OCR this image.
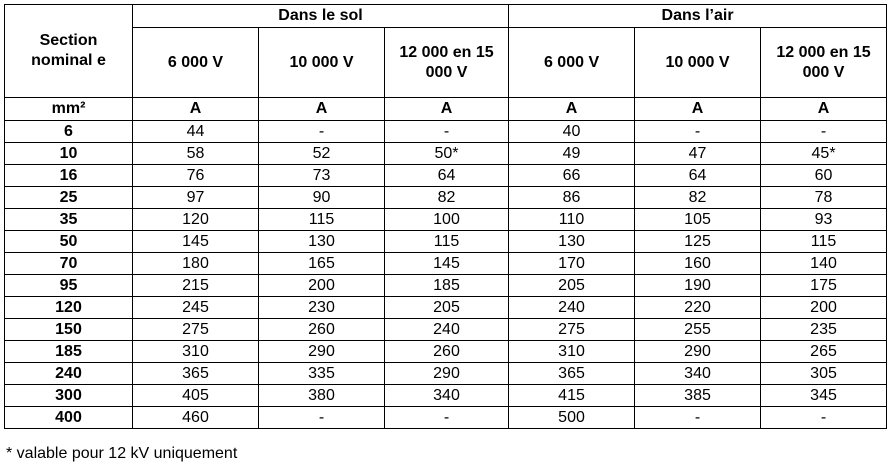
Section nominal e	Dans le sol			Dans l’air		
	6 000 V	10 000 V	12 000 en 15 000 V	6 000 V	10 000 V	12 000 en 15 000 V
mm²	A	A	A	A	A	A
6	44	-	-	40	-	-
10	58	52	50*	49	47	45*
16	76	73	64	66	64	60
25	97	90	82	86	82	78
35	120	115	100	110	105	93
50	145	130	115	130	125	115
70	180	165	145	170	160	140
95	215	200	185	205	190	175
120	245	230	205	240	220	200
150	275	260	240	275	255	235
185	310	290	260	310	290	265
240	365	335	290	365	340	305
300	405	380	340	415	385	345
400	460	-	-	500	-	-
* valable pour 12 kV uniquement
